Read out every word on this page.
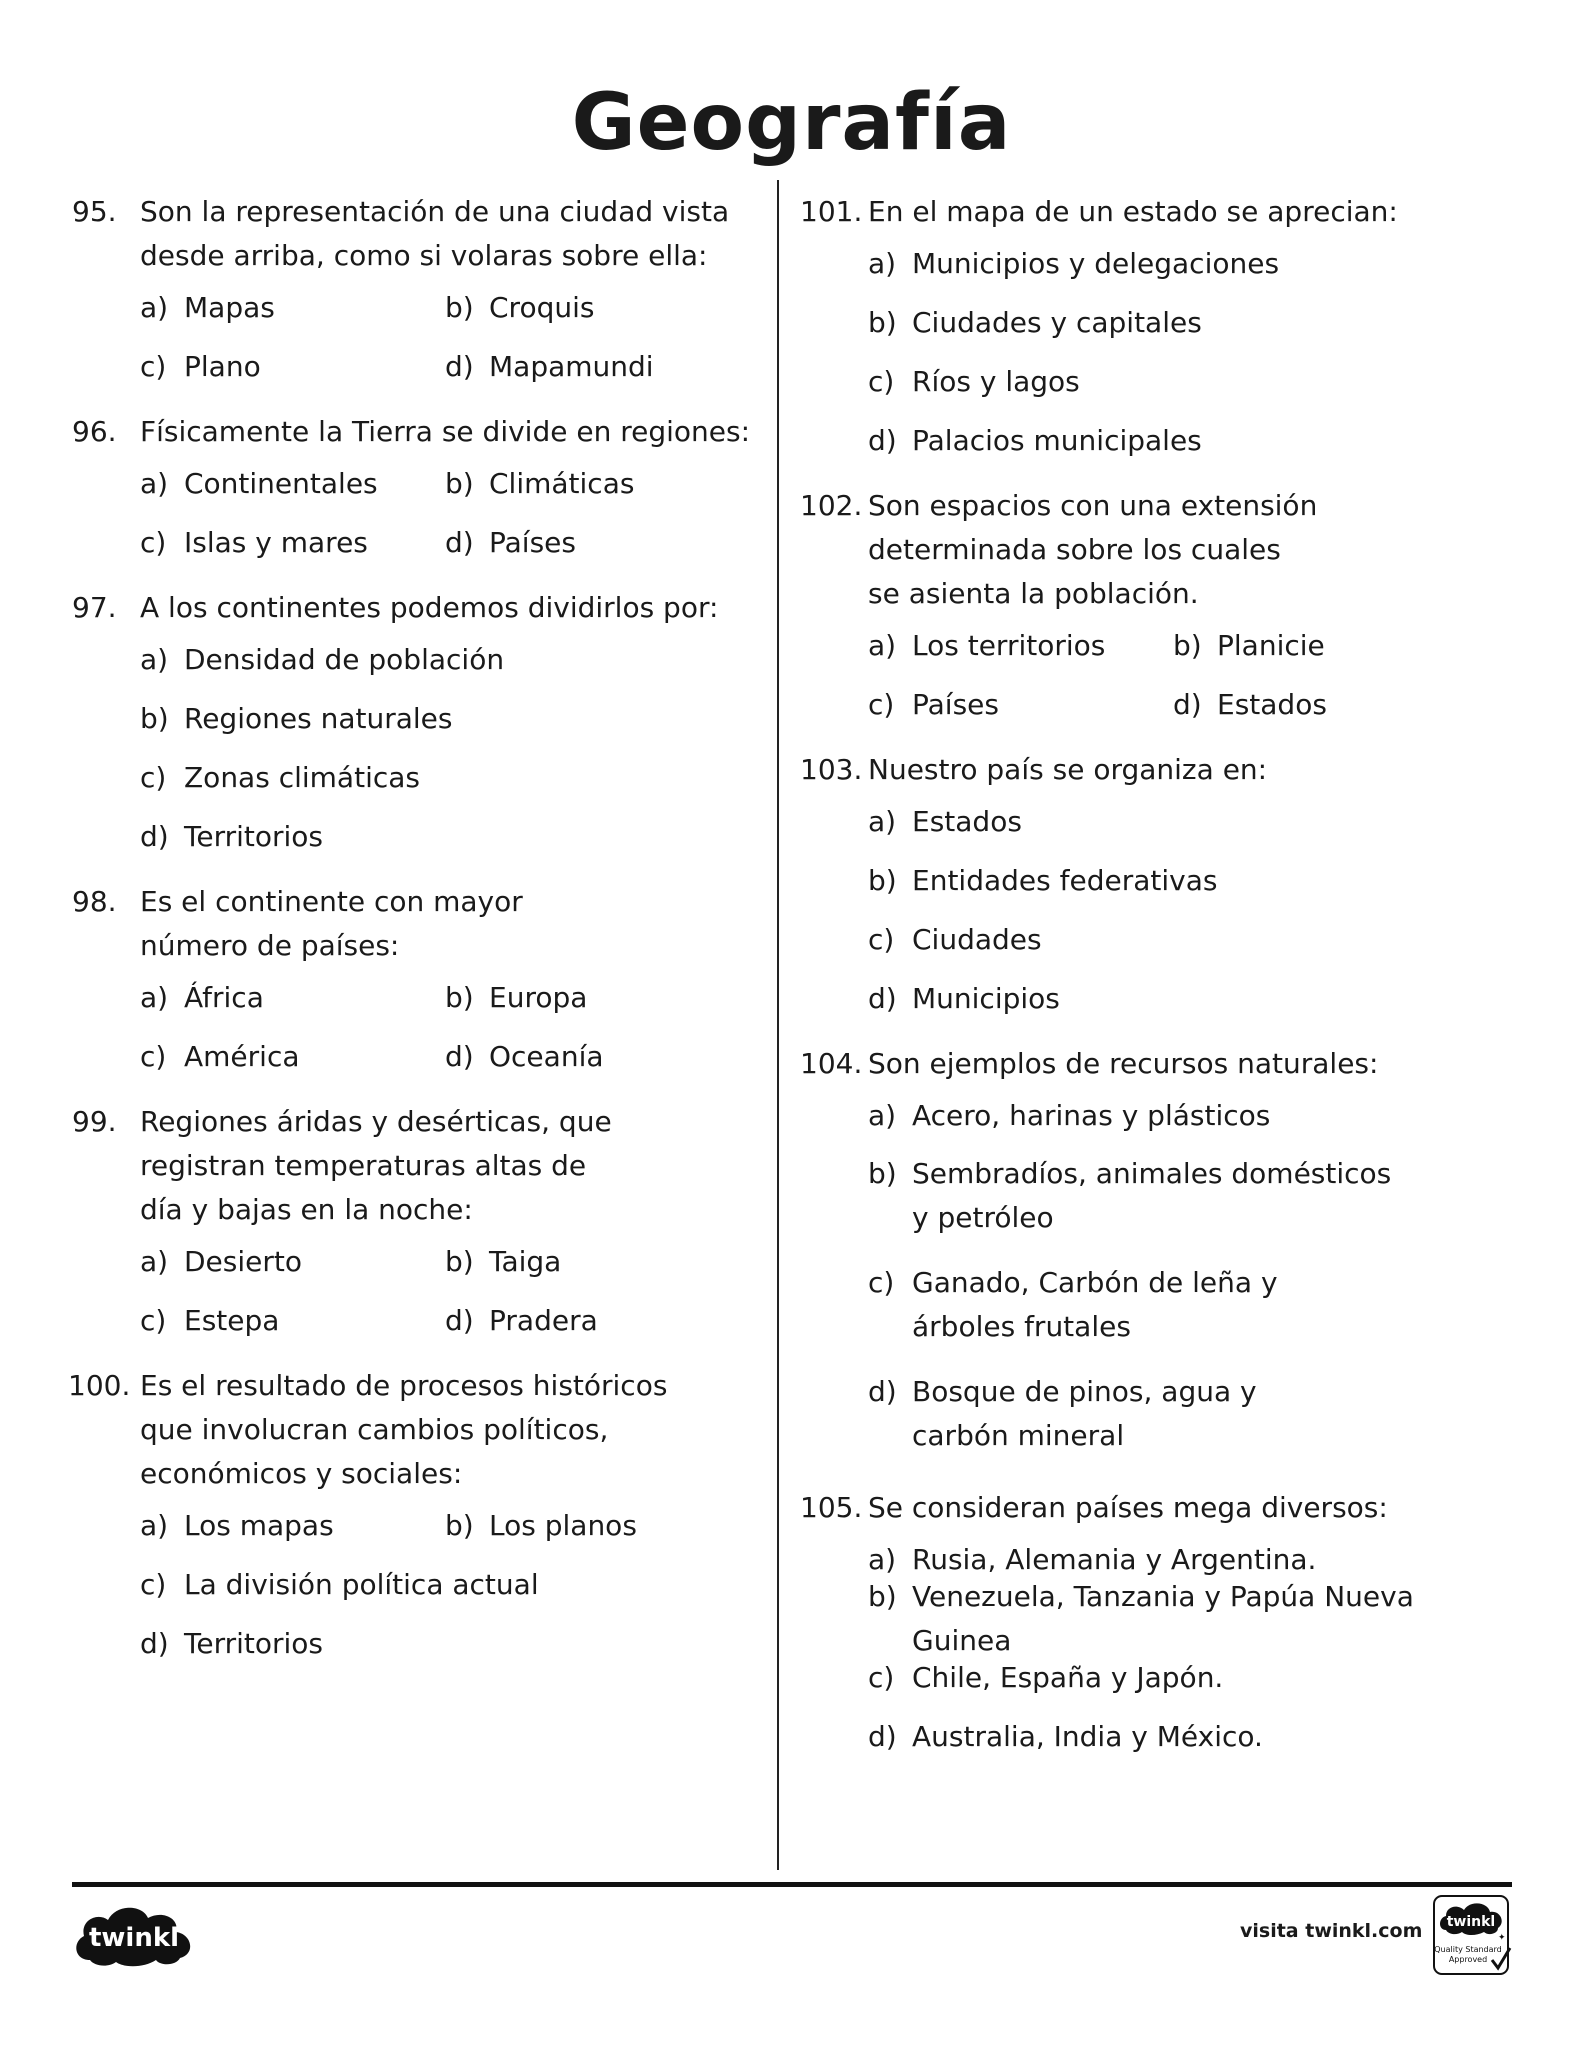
Geografía
95. Son la representación de una ciudad vista
desde arriba, como si volaras sobre ella:
a) Mapas	b) Croquis
c) Plano	d) Mapamundi
96. Físicamente la Tierra se divide en regiones:
a) Continentales	b) Climáticas
c) Islas y mares	d) Países
97. A los continentes podemos dividirlos por:
a) Densidad de población
b) Regiones naturales
c) Zonas climáticas
d) Territorios
98. Es el continente con mayor
número de países:
a) África	b) Europa
c) América	d) Oceanía
99. Regiones áridas y desérticas, que
registran temperaturas altas de
día y bajas en la noche:
a) Desierto	b) Taiga
c) Estepa	d) Pradera
100. Es el resultado de procesos históricos
que involucran cambios políticos,
económicos y sociales:
a) Los mapas	b) Los planos
c) La división política actual
d) Territorios
101. En el mapa de un estado se aprecian:
a) Municipios y delegaciones
b) Ciudades y capitales
c) Ríos y lagos
d) Palacios municipales
102. Son espacios con una extensión
determinada sobre los cuales
se asienta la población.
a) Los territorios	b) Planicie
c) Países	d) Estados
103. Nuestro país se organiza en:
a) Estados
b) Entidades federativas
c) Ciudades
d) Municipios
104. Son ejemplos de recursos naturales:
a) Acero, harinas y plásticos
b) Sembradíos, animales domésticos
y petróleo
c) Ganado, Carbón de leña y
árboles frutales
d) Bosque de pinos, agua y
carbón mineral
105. Se consideran países mega diversos:
a) Rusia, Alemania y Argentina.
b) Venezuela, Tanzania y Papúa Nueva Guinea
c) Chile, España y Japón.
d) Australia, India y México.
twinkl	visita twinkl.com twinkl
Quality Standard
Approved
✦
